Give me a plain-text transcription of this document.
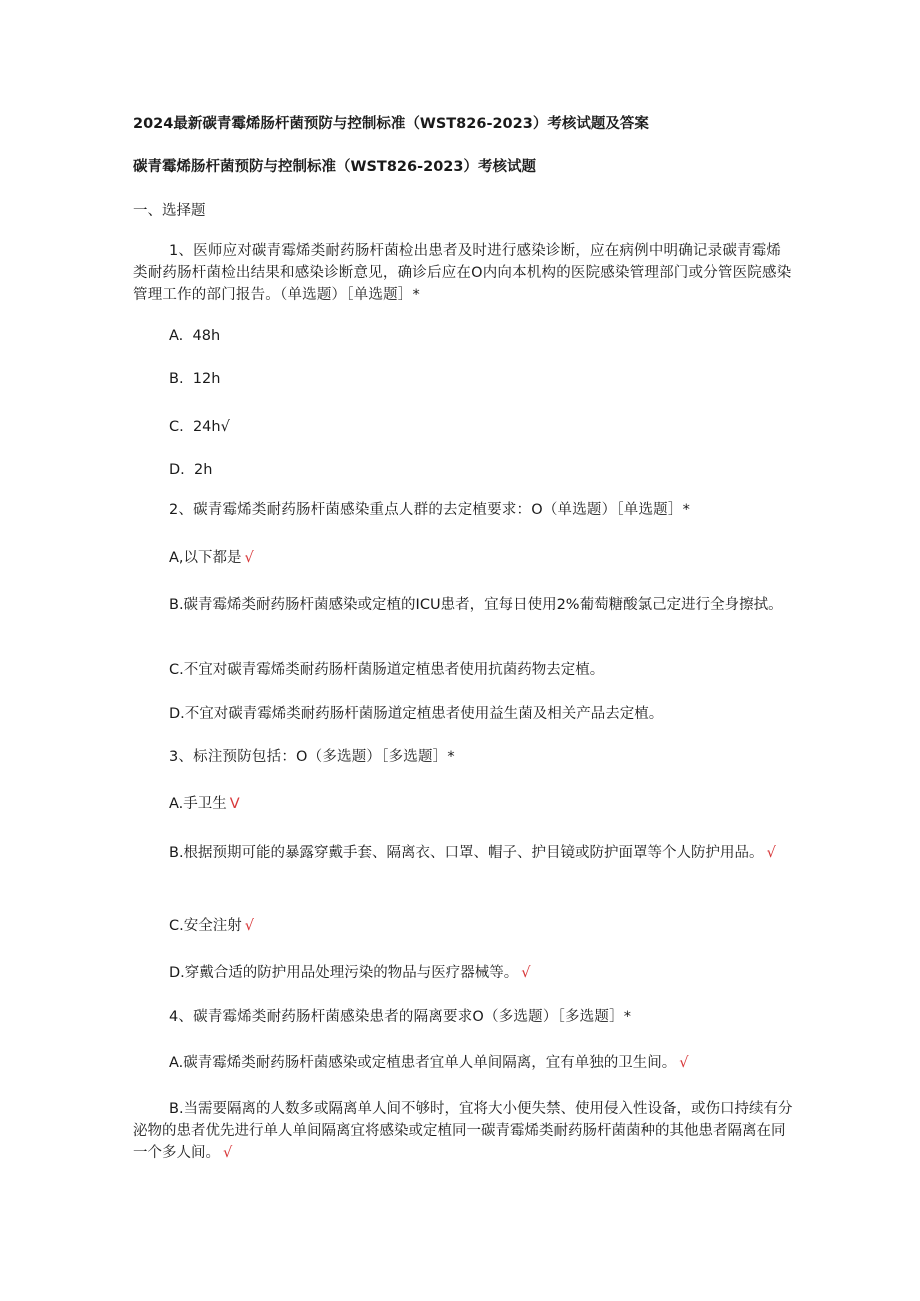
2024最新碳青霉烯肠杆菌预防与控制标准（WST826-2023）考核试题及答案
碳青霉烯肠杆菌预防与控制标准（WST826-2023）考核试题
一、选择题
1、医师应对碳青霉烯类耐药肠杆菌检出患者及时进行感染诊断，应在病例中明确记录碳青霉烯类耐药肠杆菌检出结果和感染诊断意见，确诊后应在O内向本机构的医院感染管理部门或分管医院感染管理工作的部门报告。（单选题）［单选题］*
A.  48h
B.  12h
C.  24h√
D.  2h
2、碳青霉烯类耐药肠杆菌感染重点人群的去定植要求：O（单选题）［单选题］*
A,以下都是 √
B.碳青霉烯类耐药肠杆菌感染或定植的ICU患者，宜每日使用2%葡萄糖酸氯己定进行全身擦拭。
C.不宜对碳青霉烯类耐药肠杆菌肠道定植患者使用抗菌药物去定植。
D.不宜对碳青霉烯类耐药肠杆菌肠道定植患者使用益生菌及相关产品去定植。
3、标注预防包括：O（多选题）［多选题］*
A.手卫生 V
B.根据预期可能的暴露穿戴手套、隔离衣、口罩、帽子、护目镜或防护面罩等个人防护用品。 √
C.安全注射 √
D.穿戴合适的防护用品处理污染的物品与医疗器械等。 √
4、碳青霉烯类耐药肠杆菌感染患者的隔离要求O（多选题）［多选题］*
A.碳青霉烯类耐药肠杆菌感染或定植患者宜单人单间隔离，宜有单独的卫生间。 √
B.当需要隔离的人数多或隔离单人间不够时，宜将大小便失禁、使用侵入性设备，或伤口持续有分泌物的患者优先进行单人单间隔离宜将感染或定植同一碳青霉烯类耐药肠杆菌菌种的其他患者隔离在同一个多人间。 √
